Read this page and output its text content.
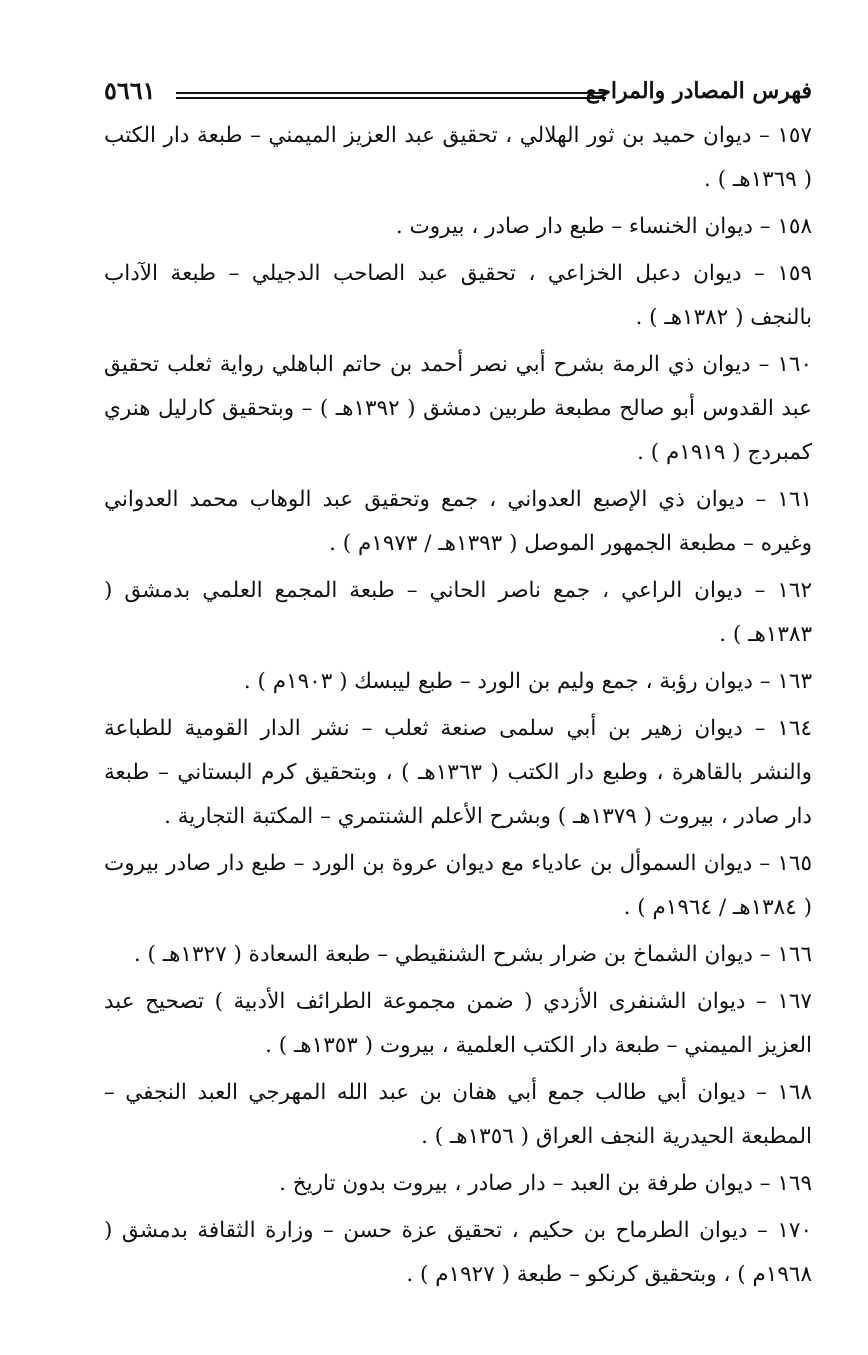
فهرس المصادر والمراجع
٥٦٦١

١٥٧ – ديوان حميد بن ثور الهلالي ، تحقيق عبد العزيز الميمني – طبعة دار الكتب ( ١٣٦٩هـ ) .

١٥٨ – ديوان الخنساء – طبع دار صادر ، بيروت .

١٥٩ – ديوان دعبل الخزاعي ، تحقيق عبد الصاحب الدجيلي – طبعة الآداب بالنجف ( ١٣٨٢هـ ) .

١٦٠ – ديوان ذي الرمة بشرح أبي نصر أحمد بن حاتم الباهلي رواية ثعلب تحقيق عبد القدوس أبو صالح مطبعة طربين دمشق ( ١٣٩٢هـ ) – وبتحقيق كارليل هنري كمبردج ( ١٩١٩م ) .

١٦١ – ديوان ذي الإصبع العدواني ، جمع وتحقيق عبد الوهاب محمد العدواني وغيره – مطبعة الجمهور الموصل ( ١٣٩٣هـ / ١٩٧٣م ) .

١٦٢ – ديوان الراعي ، جمع ناصر الحاني – طبعة المجمع العلمي بدمشق ( ١٣٨٣هـ ) .

١٦٣ – ديوان رؤبة ، جمع وليم بن الورد – طبع ليبسك ( ١٩٠٣م ) .

١٦٤ – ديوان زهير بن أبي سلمى صنعة ثعلب – نشر الدار القومية للطباعة والنشر بالقاهرة ، وطبع دار الكتب ( ١٣٦٣هـ ) ، وبتحقيق كرم البستاني – طبعة دار صادر ، بيروت ( ١٣٧٩هـ ) وبشرح الأعلم الشنتمري – المكتبة التجارية .

١٦٥ – ديوان السموأل بن عادياء مع ديوان عروة بن الورد – طبع دار صادر بيروت ( ١٣٨٤هـ / ١٩٦٤م ) .

١٦٦ – ديوان الشماخ بن ضرار بشرح الشنقيطي – طبعة السعادة ( ١٣٢٧هـ ) .

١٦٧ – ديوان الشنفرى الأزدي ( ضمن مجموعة الطرائف الأدبية ) تصحيح عبد العزيز الميمني – طبعة دار الكتب العلمية ، بيروت ( ١٣٥٣هـ ) .

١٦٨ – ديوان أبي طالب جمع أبي هفان بن عبد الله المهرجي العبد النجفي – المطبعة الحيدرية النجف العراق ( ١٣٥٦هـ ) .

١٦٩ – ديوان طرفة بن العبد – دار صادر ، بيروت بدون تاريخ .

١٧٠ – ديوان الطرماح بن حكيم ، تحقيق عزة حسن – وزارة الثقافة بدمشق ( ١٩٦٨م ) ، وبتحقيق كرنكو – طبعة ( ١٩٢٧م ) .
